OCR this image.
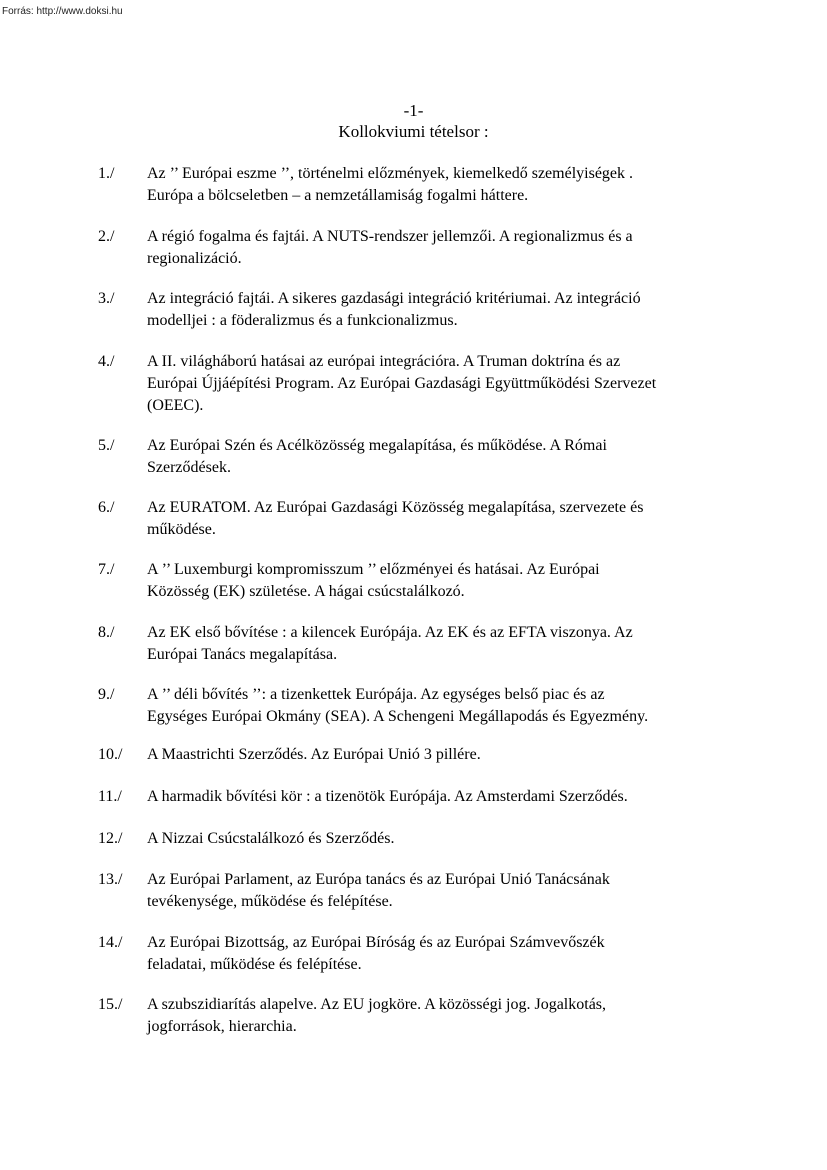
Forrás: http://www.doksi.hu
-1-
Kollokviumi tételsor :
1./ Az ’’ Európai eszme ’’, történelmi előzmények, kiemelkedő személyiségek .
Európa a bölcseletben – a nemzetállamiság fogalmi háttere.
2./ A régió fogalma és fajtái. A NUTS-rendszer jellemzői. A regionalizmus és a
regionalizáció.
3./ Az integráció fajtái. A sikeres gazdasági integráció kritériumai. Az integráció
modelljei : a föderalizmus és a funkcionalizmus.
4./ A II. világháború hatásai az európai integrációra. A Truman doktrína és az
Európai Újjáépítési Program. Az Európai Gazdasági Együttműködési Szervezet
(OEEC).
5./ Az Európai Szén és Acélközösség megalapítása, és működése. A Római
Szerződések.
6./ Az EURATOM. Az Európai Gazdasági Közösség megalapítása, szervezete és
működése.
7./ A ’’ Luxemburgi kompromisszum ’’ előzményei és hatásai. Az Európai
Közösség (EK) születése. A hágai csúcstalálkozó.
8./ Az EK első bővítése : a kilencek Európája. Az EK és az EFTA viszonya. Az
Európai Tanács megalapítása.
9./ A ’’ déli bővítés ’’: a tizenkettek Európája. Az egységes belső piac és az
Egységes Európai Okmány (SEA). A Schengeni Megállapodás és Egyezmény.
10./ A Maastrichti Szerződés. Az Európai Unió 3 pillére.
11./ A harmadik bővítési kör : a tizenötök Európája. Az Amsterdami Szerződés.
12./ A Nizzai Csúcstalálkozó és Szerződés.
13./ Az Európai Parlament, az Európa tanács és az Európai Unió Tanácsának
tevékenysége, működése és felépítése.
14./ Az Európai Bizottság, az Európai Bíróság és az Európai Számvevőszék
feladatai, működése és felépítése.
15./ A szubszidiarítás alapelve. Az EU jogköre. A közösségi jog. Jogalkotás,
jogforrások, hierarchia.
